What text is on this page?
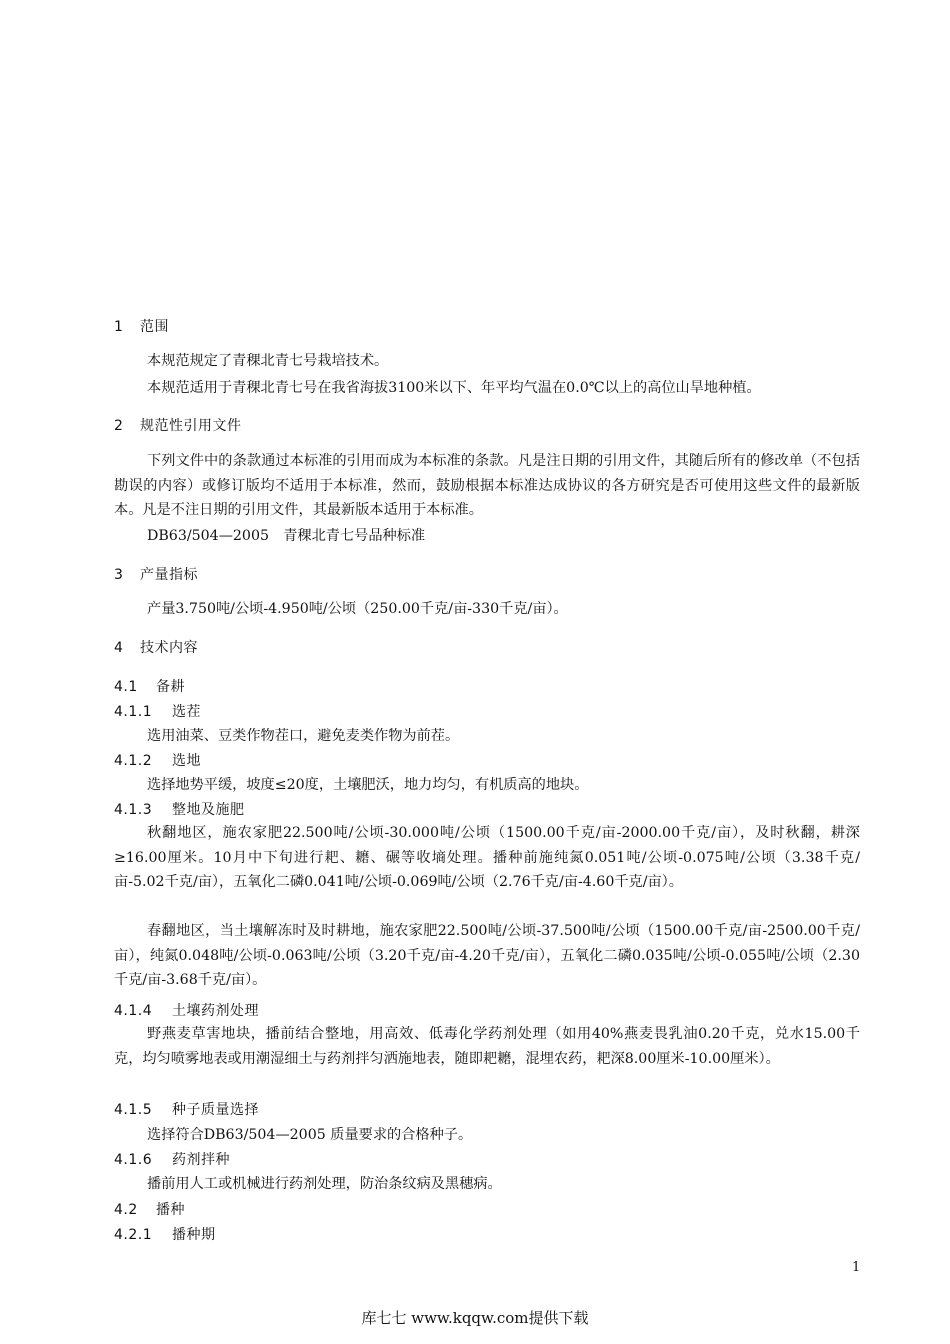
1 范围
本规范规定了青稞北青七号栽培技术。
本规范适用于青稞北青七号在我省海拔3100米以下、年平均气温在0.0℃以上的高位山旱地种植。
2 规范性引用文件
下列文件中的条款通过本标准的引用而成为本标准的条款。凡是注日期的引用文件，其随后所有的修改单（不包括勘误的内容）或修订版均不适用于本标准，然而，鼓励根据本标准达成协议的各方研究是否可使用这些文件的最新版本。凡是不注日期的引用文件，其最新版本适用于本标准。
DB63/504—2005　青稞北青七号品种标准
3 产量指标
产量3.750吨/公顷-4.950吨/公顷（250.00千克/亩-330千克/亩）。
4 技术内容
4.1 备耕
4.1.1 选茬
选用油菜、豆类作物茬口，避免麦类作物为前茬。
4.1.2 选地
选择地势平缓，坡度≤20度，土壤肥沃，地力均匀，有机质高的地块。
4.1.3 整地及施肥
秋翻地区，施农家肥22.500吨/公顷-30.000吨/公顷（1500.00千克/亩-2000.00千克/亩），及时秋翻，耕深≥16.00厘米。10月中下旬进行耙、耱、碾等收墒处理。播种前施纯氮0.051吨/公顷-0.075吨/公顷（3.38千克/亩-5.02千克/亩），五氧化二磷0.041吨/公顷-0.069吨/公顷（2.76千克/亩-4.60千克/亩）。
春翻地区，当土壤解冻时及时耕地，施农家肥22.500吨/公顷-37.500吨/公顷（1500.00千克/亩-2500.00千克/亩），纯氮0.048吨/公顷-0.063吨/公顷（3.20千克/亩-4.20千克/亩），五氧化二磷0.035吨/公顷-0.055吨/公顷（2.30千克/亩-3.68千克/亩）。
4.1.4 土壤药剂处理
野燕麦草害地块，播前结合整地，用高效、低毒化学药剂处理（如用40%燕麦畏乳油0.20千克，兑水15.00千克，均匀喷雾地表或用潮湿细土与药剂拌匀洒施地表，随即耙耱，混埋农药，耙深8.00厘米-10.00厘米）。
4.1.5 种子质量选择
选择符合DB63/504—2005 质量要求的合格种子。
4.1.6 药剂拌种
播前用人工或机械进行药剂处理，防治条纹病及黑穗病。
4.2 播种
4.2.1 播种期
1
库七七 www.kqqw.com提供下载
